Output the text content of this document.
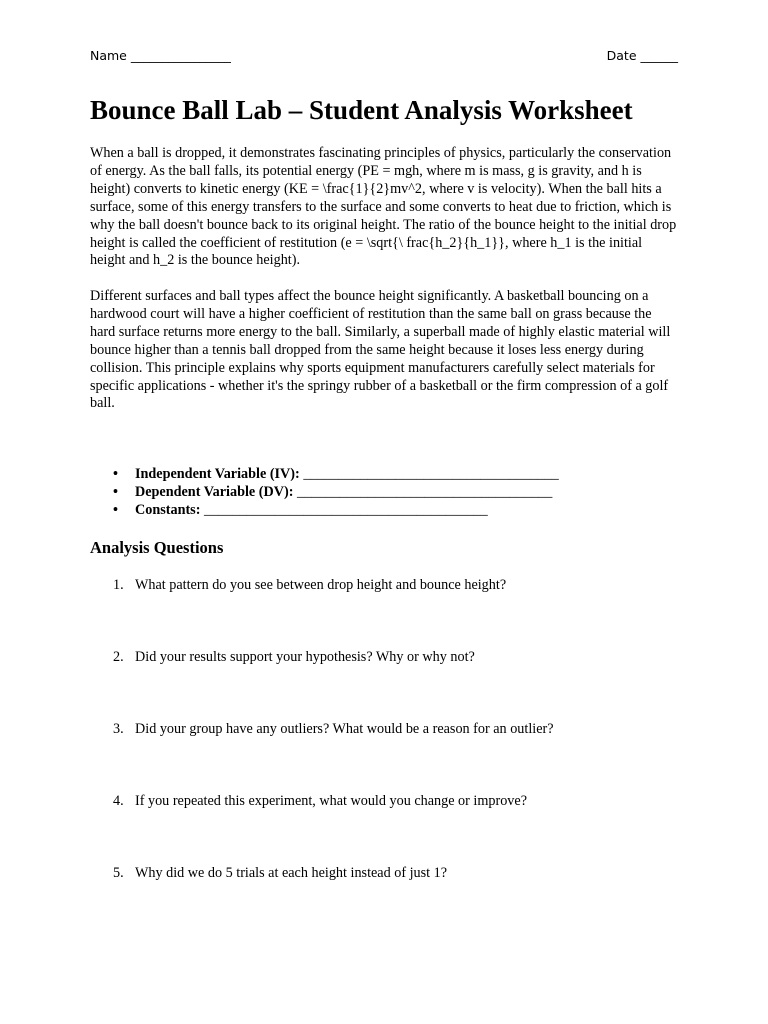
Name ________________	Date ______
Bounce Ball Lab – Student Analysis Worksheet

When a ball is dropped, it demonstrates fascinating principles of physics, particularly the conservation of energy. As the ball falls, its potential energy (PE = mgh, where m is mass, g is gravity, and h is height) converts to kinetic energy (KE = \frac{1}{2}mv^2, where v is velocity). When the ball hits a surface, some of this energy transfers to the surface and some converts to heat due to friction, which is why the ball doesn't bounce back to its original height. The ratio of the bounce height to the initial drop height is called the coefficient of restitution (e = \sqrt{\ frac{h_2}{h_1}}, where h_1 is the initial height and h_2 is the bounce height).

Different surfaces and ball types affect the bounce height significantly. A basketball bouncing on a hardwood court will have a higher coefficient of restitution than the same ball on grass because the hard surface returns more energy to the ball. Similarly, a superball made of highly elastic material will bounce higher than a tennis ball dropped from the same height because it loses less energy during collision. This principle explains why sports equipment manufacturers carefully select materials for specific applications - whether it's the springy rubber of a basketball or the firm compression of a golf ball.

• Independent Variable (IV): ____________________________________
• Dependent Variable (DV): ____________________________________
• Constants: ________________________________________
Analysis Questions
1. What pattern do you see between drop height and bounce height?
2. Did your results support your hypothesis? Why or why not?
3. Did your group have any outliers? What would be a reason for an outlier?
4. If you repeated this experiment, what would you change or improve?
5. Why did we do 5 trials at each height instead of just 1?
